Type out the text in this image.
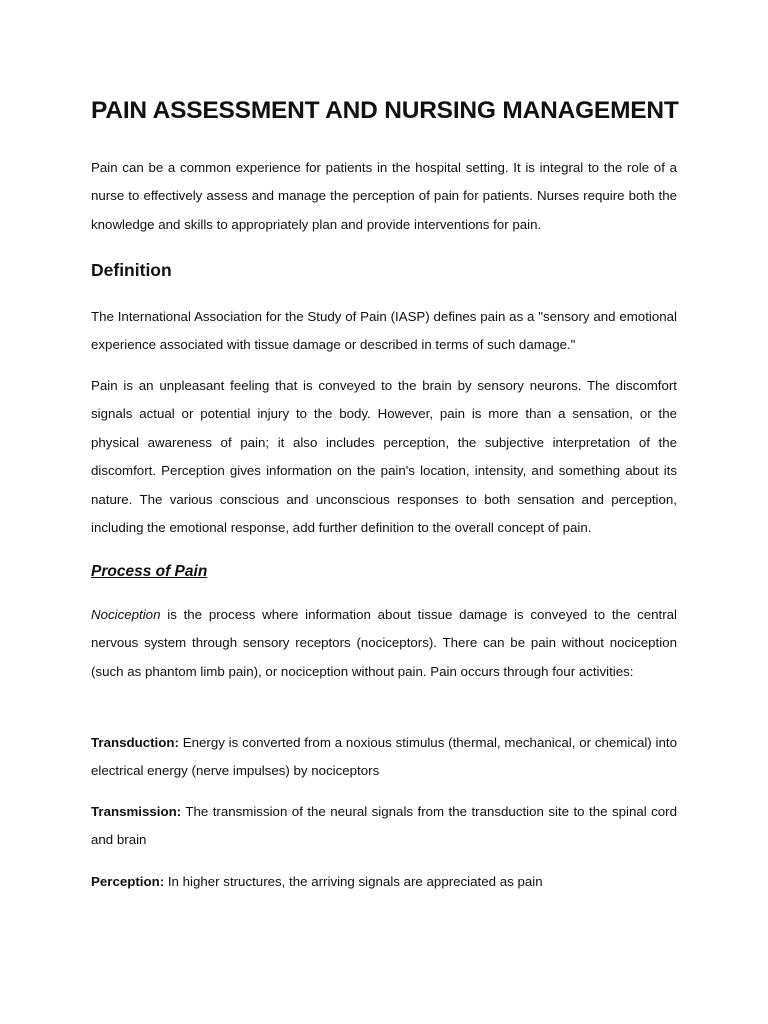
PAIN ASSESSMENT AND NURSING MANAGEMENT

Pain can be a common experience for patients in the hospital setting. It is integral to the role of a nurse to effectively assess and manage the perception of pain for patients. Nurses require both the knowledge and skills to appropriately plan and provide interventions for pain.

Definition

The International Association for the Study of Pain (IASP) defines pain as a "sensory and emotional experience associated with tissue damage or described in terms of such damage."

Pain is an unpleasant feeling that is conveyed to the brain by sensory neurons. The discomfort signals actual or potential injury to the body. However, pain is more than a sensation, or the physical awareness of pain; it also includes perception, the subjective interpretation of the discomfort. Perception gives information on the pain's location, intensity, and something about its nature. The various conscious and unconscious responses to both sensation and perception, including the emotional response, add further definition to the overall concept of pain.

Process of Pain

Nociception is the process where information about tissue damage is conveyed to the central nervous system through sensory receptors (nociceptors). There can be pain without nociception (such as phantom limb pain), or nociception without pain. Pain occurs through four activities:

Transduction: Energy is converted from a noxious stimulus (thermal, mechanical, or chemical) into electrical energy (nerve impulses) by nociceptors

Transmission: The transmission of the neural signals from the transduction site to the spinal cord and brain

Perception: In higher structures, the arriving signals are appreciated as pain
